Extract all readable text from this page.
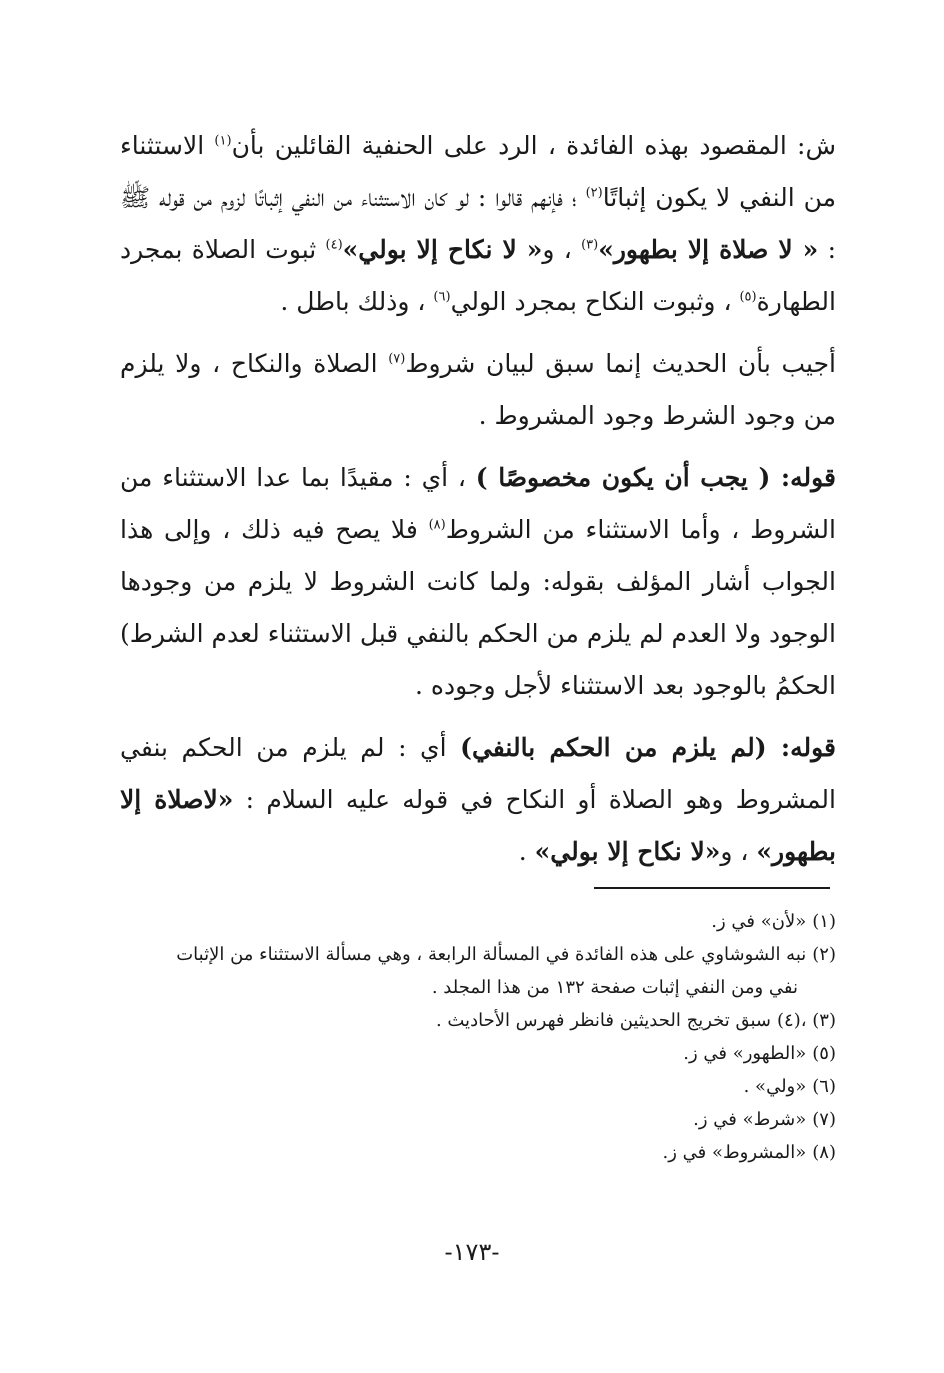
ش: المقصود بهذه الفائدة ، الرد على الحنفية القائلين بأن$^{(١)}$ الاستثناء من النفي لا يكون إثباتًا$^{(٢)}$ ؛ فإنهم قالوا : لو كان الاستثناء من النفي إثباتًا لزوم من قوله ﷺ : « لا صلاة إلا بطهور»$^{(٣)}$ ، و« لا نكاح إلا بولي»$^{(٤)}$ ثبوت الصلاة بمجرد الطهارة$^{(٥)}$ ، وثبوت النكاح بمجرد الولي$^{(٦)}$ ، وذلك باطل .

أجيب بأن الحديث إنما سبق لبيان شروط$^{(٧)}$ الصلاة والنكاح ، ولا يلزم من وجود الشرط وجود المشروط .

قوله: ( يجب أن يكون مخصوصًا ) ، أي : مقيدًا بما عدا الاستثناء من الشروط ، وأما الاستثناء من الشروط$^{(٨)}$ فلا يصح فيه ذلك ، وإلى هذا الجواب أشار المؤلف بقوله: ولما كانت الشروط لا يلزم من وجودها الوجود ولا العدم لم يلزم من الحكم بالنفي قبل الاستثناء لعدم الشرط) الحكمُ بالوجود بعد الاستثناء لأجل وجوده .

قوله: (لم يلزم من الحكم بالنفي) أي : لم يلزم من الحكم بنفي المشروط وهو الصلاة أو النكاح في قوله عليه السلام : «لاصلاة إلا بطهور» ، و«لا نكاح إلا بولي» .

(١)«لأن» في ز.

(٢)نبه الشوشاوي على هذه الفائدة في المسألة الرابعة ، وهي مسألة الاستثناء من الإثبات

نفي ومن النفي إثبات صفحة ١٣٢ من هذا المجلد .

(٣) ،(٤)سبق تخريج الحديثين فانظر فهرس الأحاديث .

(٥)«الطهور» في ز.

(٦)«ولي» .

(٧)«شرط» في ز.

(٨)«المشروط» في ز.

-١٧٣-
